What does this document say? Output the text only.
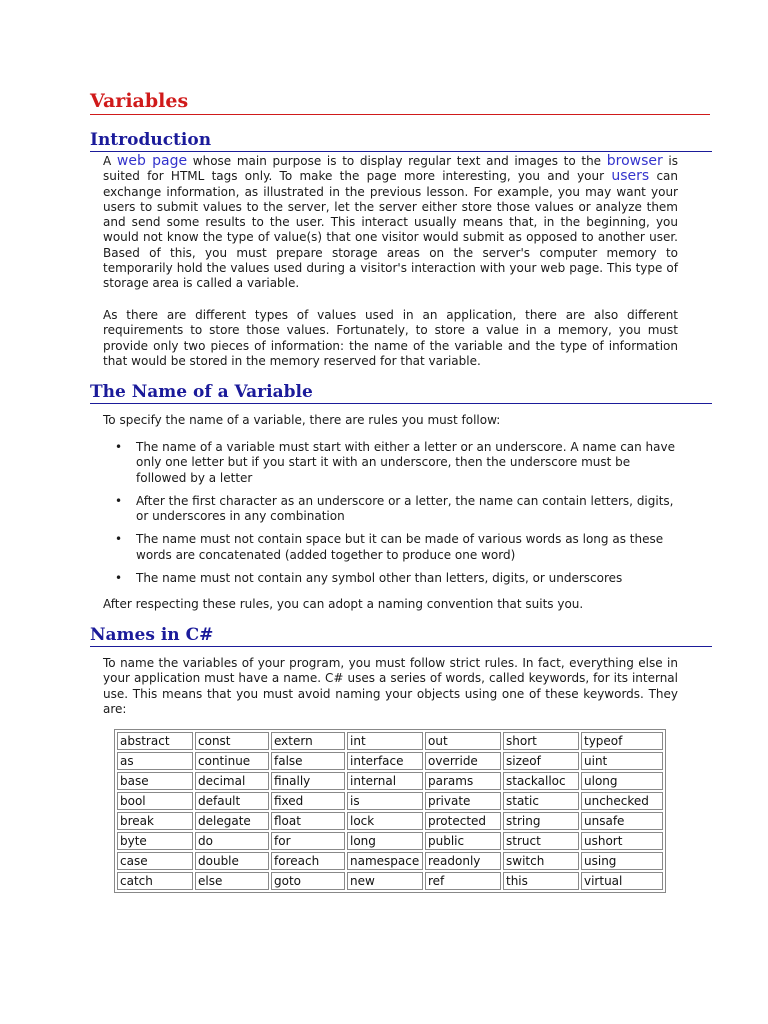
Variables
Introduction

A web page whose main purpose is to display regular text and images to the browser is suited for HTML tags only. To make the page more interesting, you and your users can exchange information, as illustrated in the previous lesson. For example, you may want your users to submit values to the server, let the server either store those values or analyze them and send some results to the user. This interact usually means that, in the beginning, you would not know the type of value(s) that one visitor would submit as opposed to another user. Based of this, you must prepare storage areas on the server's computer memory to temporarily hold the values used during a visitor's interaction with your web page. This type of storage area is called a variable.

As there are different types of values used in an application, there are also different requirements to store those values. Fortunately, to store a value in a memory, you must provide only two pieces of information: the name of the variable and the type of information that would be stored in the memory reserved for that variable.

The Name of a Variable

To specify the name of a variable, there are rules you must follow:

• The name of a variable must start with either a letter or an underscore. A name can have only one letter but if you start it with an underscore, then the underscore must be followed by a letter
• After the first character as an underscore or a letter, the name can contain letters, digits, or underscores in any combination
• The name must not contain space but it can be made of various words as long as these words are concatenated (added together to produce one word)
• The name must not contain any symbol other than letters, digits, or underscores

After respecting these rules, you can adopt a naming convention that suits you.

Names in C#

To name the variables of your program, you must follow strict rules. In fact, everything else in your application must have a name. C# uses a series of words, called keywords, for its internal use. This means that you must avoid naming your objects using one of these keywords. They are:

abstract	const	extern	int	out	short	typeof
as	continue	false	interface	override	sizeof	uint
base	decimal	finally	internal	params	stackalloc	ulong
bool	default	fixed	is	private	static	unchecked
break	delegate	float	lock	protected	string	unsafe
byte	do	for	long	public	struct	ushort
case	double	foreach	namespace	readonly	switch	using
catch	else	goto	new	ref	this	virtual
